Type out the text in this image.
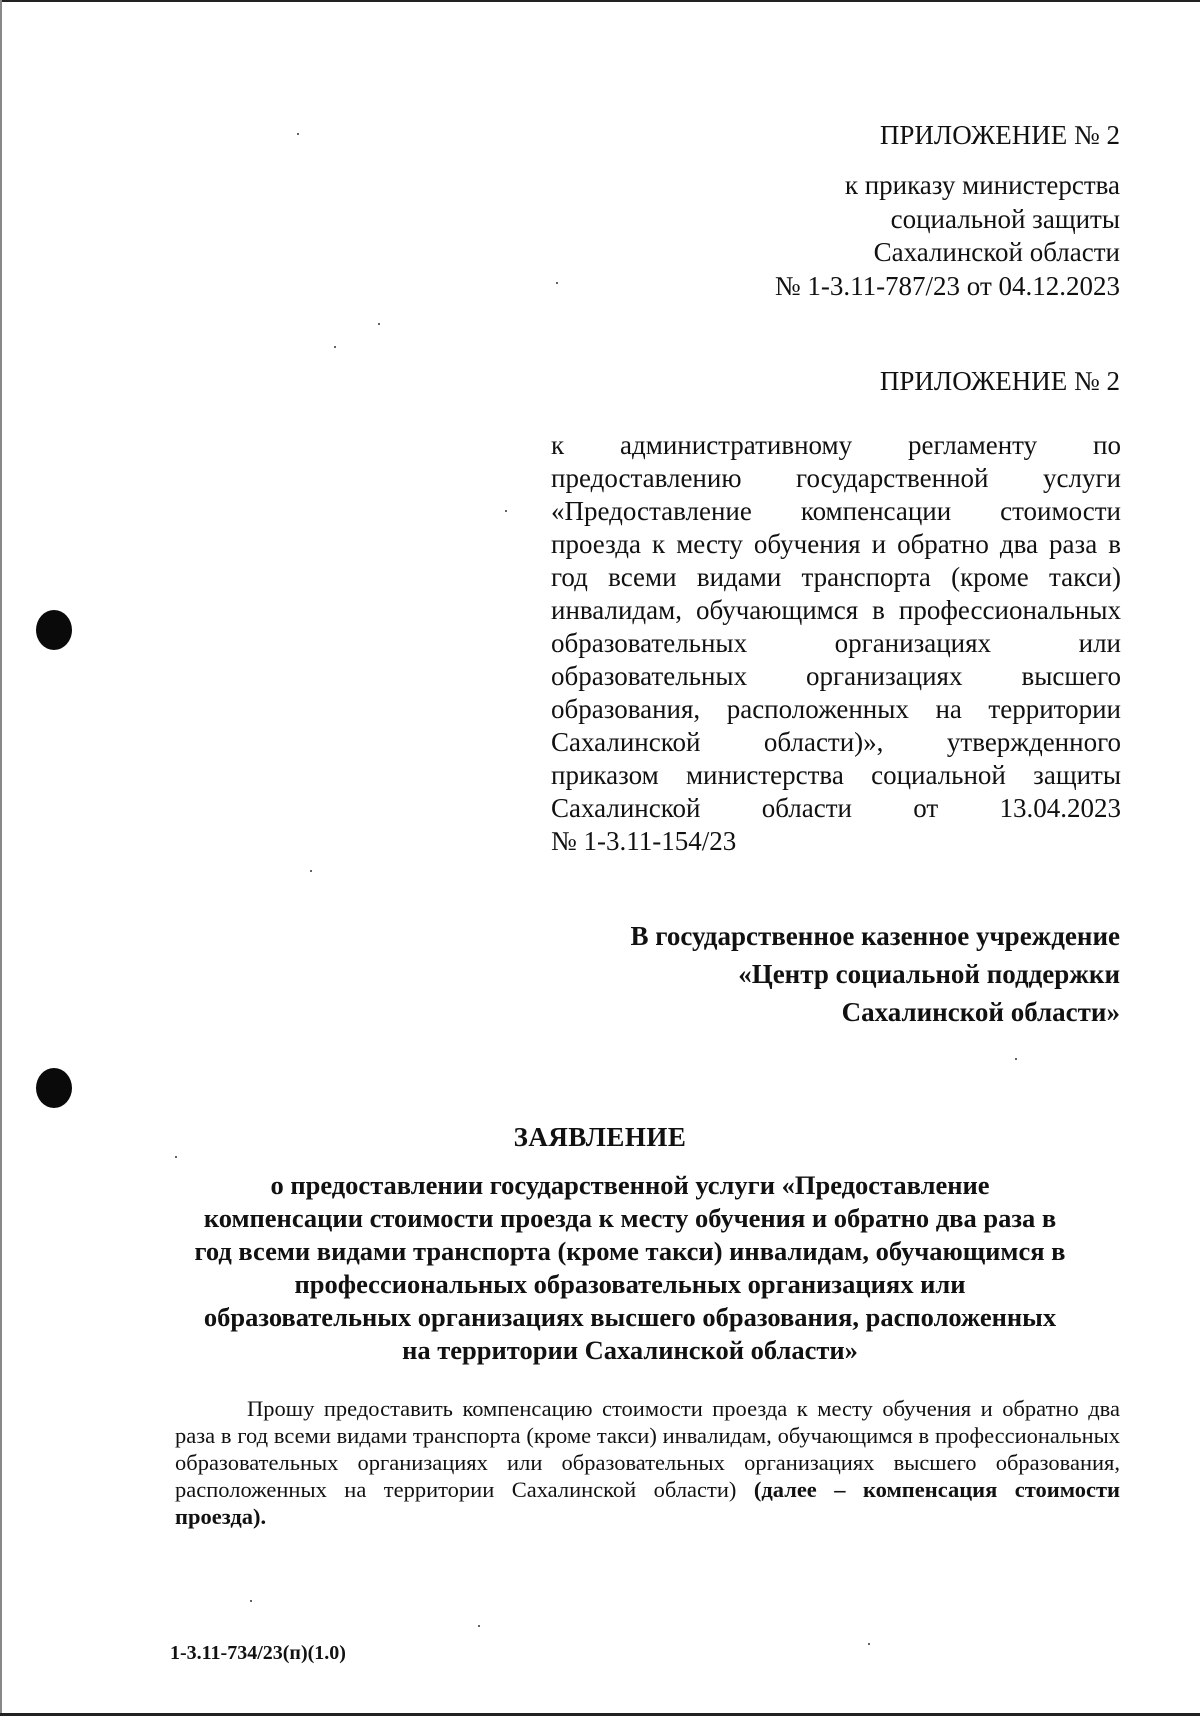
ПРИЛОЖЕНИЕ № 2
к приказу министерства
социальной защиты
Сахалинской области
№ 1-3.11-787/23 от 04.12.2023
ПРИЛОЖЕНИЕ № 2

к административному регламенту по предоставлению государственной услуги «Предоставление компенсации стоимости проезда к месту обучения и обратно два раза в год всеми видами транспорта (кроме такси) инвалидам, обучающимся в профессиональных образовательных организациях или образовательных организациях высшего образования, расположенных на территории Сахалинской области)», утвержденного приказом министерства социальной защиты Сахалинской области от 13.04.2023

№ 1-3.11-154/23

В государственное казенное учреждение
«Центр социальной поддержки
Сахалинской области»
ЗАЯВЛЕНИЕ
о предоставлении государственной услуги «Предоставление
компенсации стоимости проезда к месту обучения и обратно два раза в
год всеми видами транспорта (кроме такси) инвалидам, обучающимся в
профессиональных образовательных организациях или
образовательных организациях высшего образования, расположенных
на территории Сахалинской области»
Прошу предоставить компенсацию стоимости проезда к месту обучения и обратно два раза в год всеми видами транспорта (кроме такси) инвалидам, обучающимся в профессиональных образовательных организациях или образовательных организациях высшего образования, расположенных на территории Сахалинской области) (далее – компенсация стоимости проезда).
1-3.11-734/23(п)(1.0)
